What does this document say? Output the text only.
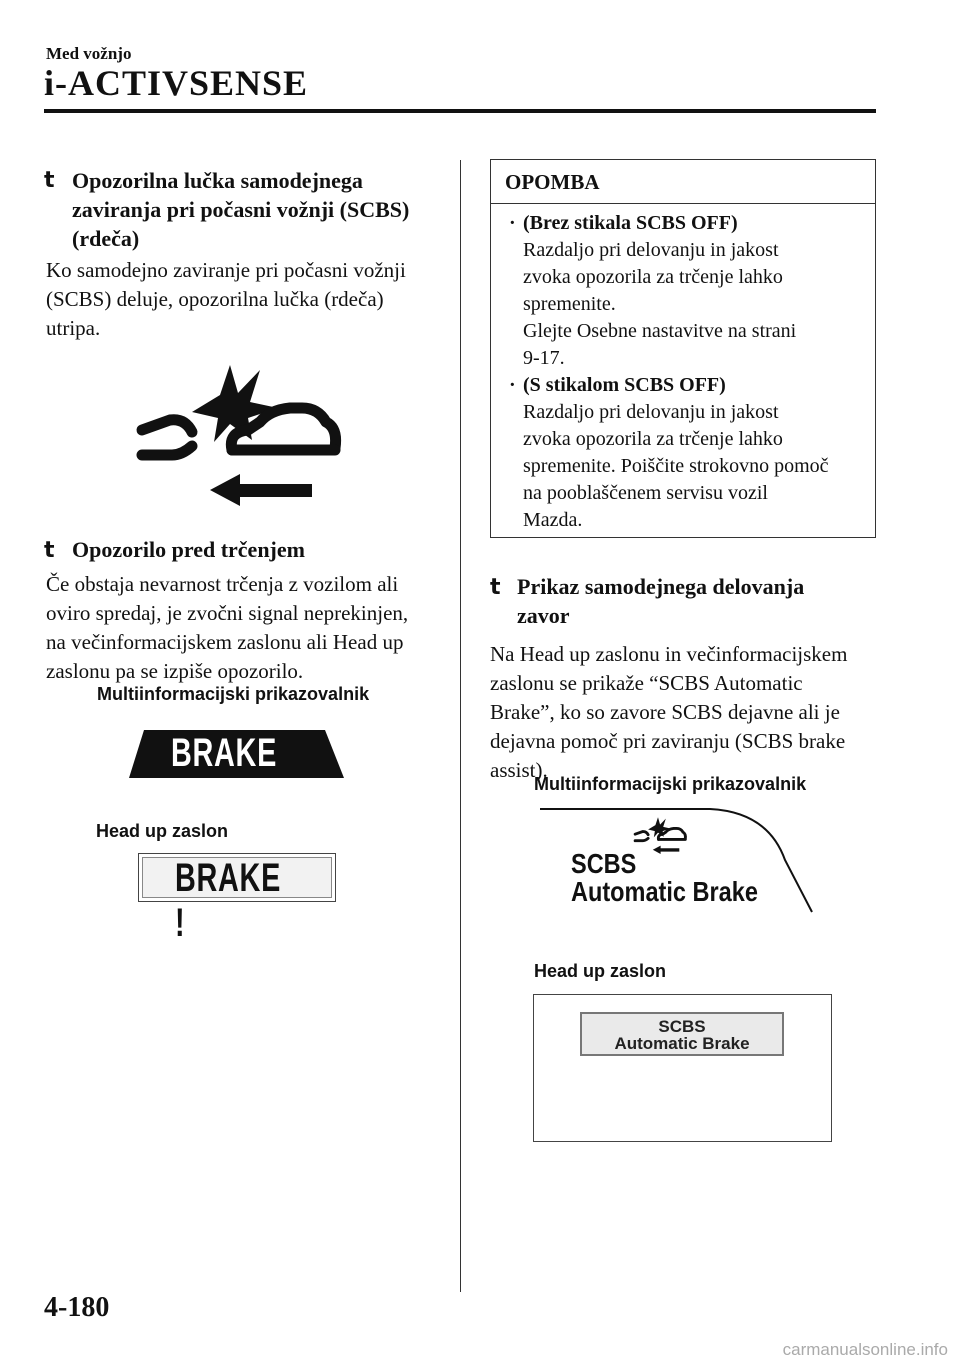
Med vožnjo
i-ACTIVSENSE
t Opozorilna lučka samodejnega
zaviranja pri počasni vožnji (SCBS)
(rdeča)
Ko samodejno zaviranje pri počasni vožnji
(SCBS) deluje, opozorilna lučka (rdeča)
utripa.
t Opozorilo pred trčenjem
Če obstaja nevarnost trčenja z vozilom ali
oviro spredaj, je zvočni signal neprekinjen,
na večinformacijskem zaslonu ali Head up
zaslonu pa se izpiše opozorilo.
Multiinformacijski prikazovalnik
BRAKE !
Head up zaslon
BRAKE !
OPOMBA
· (Brez stikala SCBS OFF)
Razdaljo pri delovanju in jakost
zvoka opozorila za trčenje lahko
spremenite.
Glejte Osebne nastavitve na strani
9-17.
· (S stikalom SCBS OFF)
Razdaljo pri delovanju in jakost
zvoka opozorila za trčenje lahko
spremenite. Poiščite strokovno pomoč
na pooblaščenem servisu vozil
Mazda.
t Prikaz samodejnega delovanja
zavor
Na Head up zaslonu in večinformacijskem
zaslonu se prikaže “SCBS Automatic
Brake”, ko so zavore SCBS dejavne ali je
dejavna pomoč pri zaviranju (SCBS brake
assist).
Multiinformacijski prikazovalnik
SCBS
Automatic Brake
Head up zaslon
SCBS
Automatic Brake
4-180
carmanualsonline.info
